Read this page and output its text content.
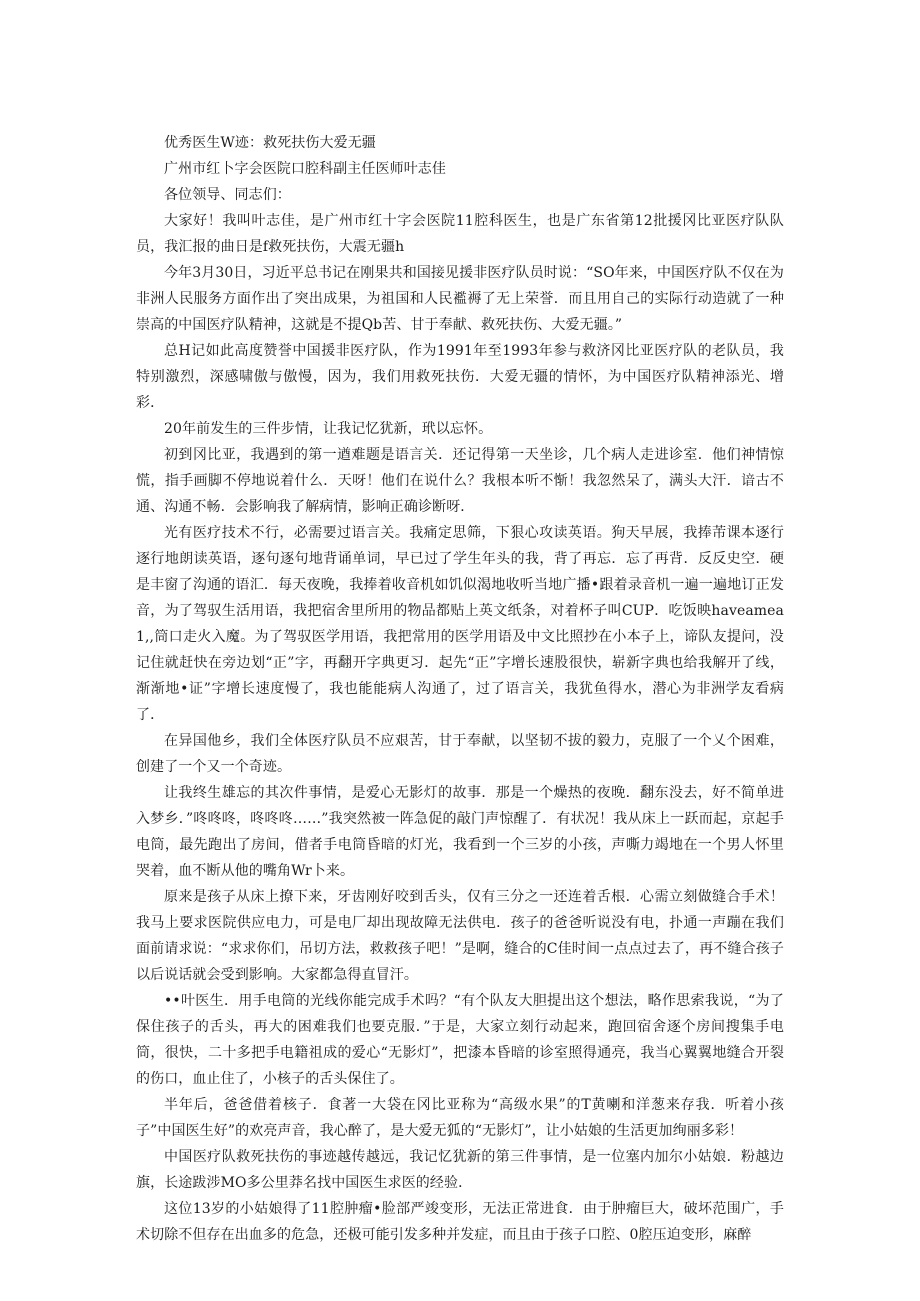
优秀医生W迹：救死扶伤大爱无疆

广州市红卜字会医院口腔科副主任医师叶志佳

各位领导、同志们：

大家好！我叫叶志佳，是广州市红十字会医院11腔科医生，也是广东省第12批援冈比亚医疗队队员，我汇报的曲日是f救死扶伤，大震无疆h

今年3月30日，习近平总书记在刚果共和国接见援非医疗队员时说：“SO年来，中国医疗队不仅在为非洲人民服务方面作出了突出成果，为祖国和人民襤褥了无上荣誉．而且用自己的实际行动造就了一种崇高的中国医疗队精神，这就是不提Qb苦、甘于奉献、救死扶伤、大爱无疆。”

总H记如此高度赞誉中国援非医疗队，作为1991年至1993年参与救济冈比亚医疗队的老队员，我特别激烈，深感啸傲与傲慢，因为，我们用救死扶伤．大爱无疆的情怀，为中国医疗队精神添光、增彩．

20年前发生的三件步情，让我记忆犹新，玳以忘怀。

初到冈比亚，我遇到的第一遒难题是语言关．还记得第一天坐诊，几个病人走进诊室．他们神情惊慌，指手画脚不停地说着什么．天呀！他们在说什么？我根本听不惭！我忽然呆了，满头大汗．谙古不通、沟通不畅．会影响我了解病情，影响正确诊断呀．

光有医疗技术不行，必需要过语言关。我痛定思筛，下狠心攻读英语。狗天早展，我捧芾课本逐行逐行地朗读英语，逐句逐句地背诵单词，早已过了学生年头的我，背了再忘．忘了再背．反反史空．硬是丰窗了沟通的语汇．每天夜晚，我捧着收音机如饥似渴地收听当地广播•跟着录音机一遍一遍地订正发音，为了驾驭生活用语，我把宿舍里所用的物品都贴上英文纸条，对着杯子叫CUP．吃饭映haveamea1,,筒口走火入魔。为了驾驭医学用语，我把常用的医学用语及中文比照抄在小本子上，谛队友提问，没记住就赶快在旁边划“正”字，再翻开字典更习．起先“正”字增长速股很快，崭新字典也给我解开了线，渐渐地•证”字增长速度慢了，我也能能病人沟通了，过了语言关，我犹鱼得水，潜心为非洲学友看病了．

在异国他乡，我们全体医疗队员不应艰苦，甘于奉献，以坚韧不拔的毅力，克服了一个乂个困难，创建了一个又一个奇迹。

让我终生雄忘的其次件事情，是爱心无影灯的故事．那是一个燥热的夜晚．翻东没去，好不简单进入梦乡．”咚咚咚，咚咚咚……”我突然被一阵急促的敲门声惊醒了．有状况！我从床上一跃而起，京起手电筒，最先跑出了房间，借者手电筒昏暗的灯光，我看到一个三岁的小孩，声嘶力竭地在一个男人怀里哭着，血不断从他的嘴角Wr卜来。

原来是孩子从床上撩下来，牙齿刚好咬到舌头，仅有三分之一还连着舌根．心需立刻做缝合手术！我马上要求医院供应电力，可是电厂却出现故障无法供电．孩子的爸爸听说没有电，扑通一声蹦在我们面前请求说：“求求你们，吊切方法，救救孩子吧！”是啊，缝合的C佳时间一点点过去了，再不缝合孩子以后说话就会受到影响。大家都急得直冒汗。

••叶医生．用手电筒的光线你能完成手术吗？“有个队友大胆提出这个想法，略作思索我说，“为了保住孩子的舌头，再大的困难我们也要克服．”于是，大家立刻行动起来，跑回宿舍逐个房间搜集手电筒，很快，二十多把手电籍祖成的爱心“无影灯”，把漆本昏暗的诊室照得通亮，我当心翼翼地缝合开裂的伤口，血止住了，小核子的舌头保住了。

半年后，爸爸借着核子．食著一大袋在冈比亚称为“高级水果”的T黄喇和洋葱来存我．听着小孩子”中国医生好”的欢亮声音，我心醉了，是大爱无狐的“无影灯”，让小姑娘的生活更加绚丽多彩！

中国医疗队救死扶伤的事迹越传越远，我记忆犹新的第三件事情，是一位塞内加尔小姑娘．粉越边旗，长途跋涉MO多公里莽名找中国医生求医的经验．

这位13岁的小姑娘得了11腔肿瘤•脸部严竣变形，无法正常进食．由于肿瘤巨大，破坏范围广，手术切除不但存在出血多的危急，还极可能引发多种并发症，而且由于孩子口腔、0腔压迫变形，麻醉
